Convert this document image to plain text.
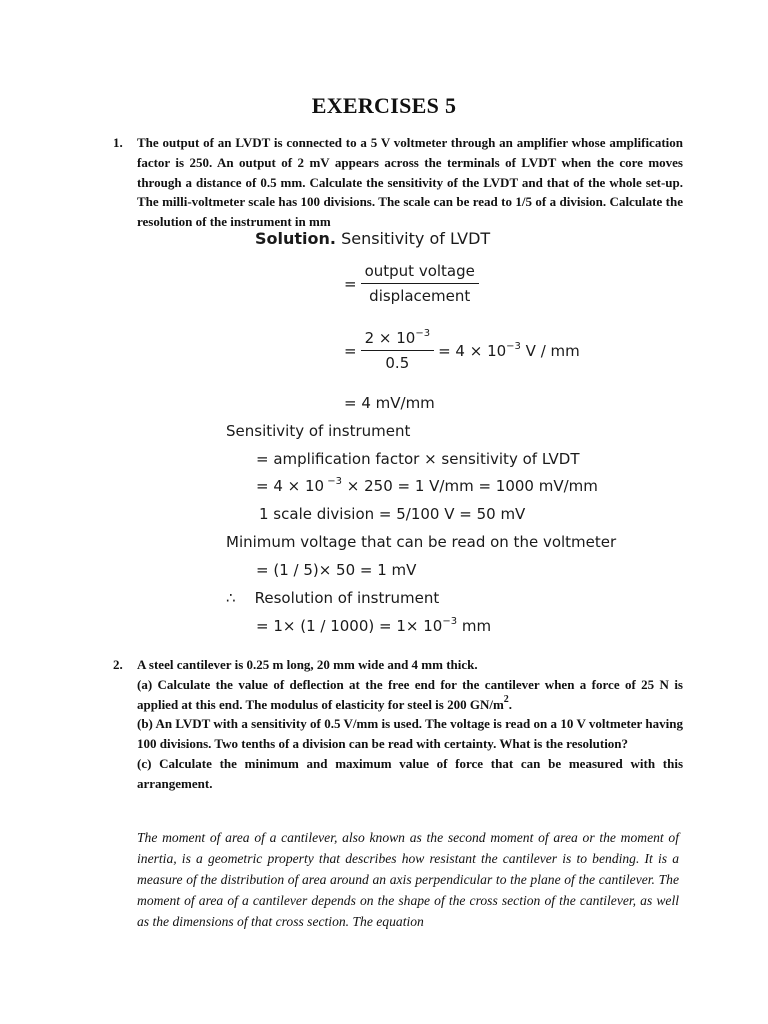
EXERCISES 5
1. The output of an LVDT is connected to a 5 V voltmeter through an amplifier whose amplification factor is 250. An output of 2 mV appears across the terminals of LVDT when the core moves through a distance of 0.5 mm. Calculate the sensitivity of the LVDT and that of the whole set-up. The milli-voltmeter scale has 100 divisions. The scale can be read to 1/5 of a division. Calculate the resolution of the instrument in mm

Solution. Sensitivity of LVDT
= $\frac{\text{output voltage}}{\text{displacement}}$
= $\frac{2 \times 10^{-3}}{0.5} = 4 \times 10^{-3}$ V / mm
= 4 mV/mm
Sensitivity of instrument
= amplification factor × sensitivity of LVDT
= 4 × 10 $^{-3}$ × 250 = 1 V/mm = 1000 mV/mm
1 scale division = 5/100 V = 50 mV
Minimum voltage that can be read on the voltmeter
= (1 / 5)× 50 = 1 mV
∴ Resolution of instrument
= $1\times (1 / 1000) = 1\times 10^{-3}$ mm
2. A steel cantilever is 0.25 m long, 20 mm wide and 4 mm thick.

(a) Calculate the value of deflection at the free end for the cantilever when a force of 25 N is applied at this end. The modulus of elasticity for steel is 200 $GN/m^2$.

(b) An LVDT with a sensitivity of 0.5 V/mm is used. The voltage is read on a 10 V voltmeter having 100 divisions. Two tenths of a division can be read with certainty. What is the resolution?

(c) Calculate the minimum and maximum value of force that can be measured with this arrangement.

The moment of area of a cantilever, also known as the second moment of area or the moment of inertia, is a geometric property that describes how resistant the cantilever is to bending. It is a measure of the distribution of area around an axis perpendicular to the plane of the cantilever. The moment of area of a cantilever depends on the shape of the cross section of the cantilever, as well as the dimensions of that cross section. The equation
